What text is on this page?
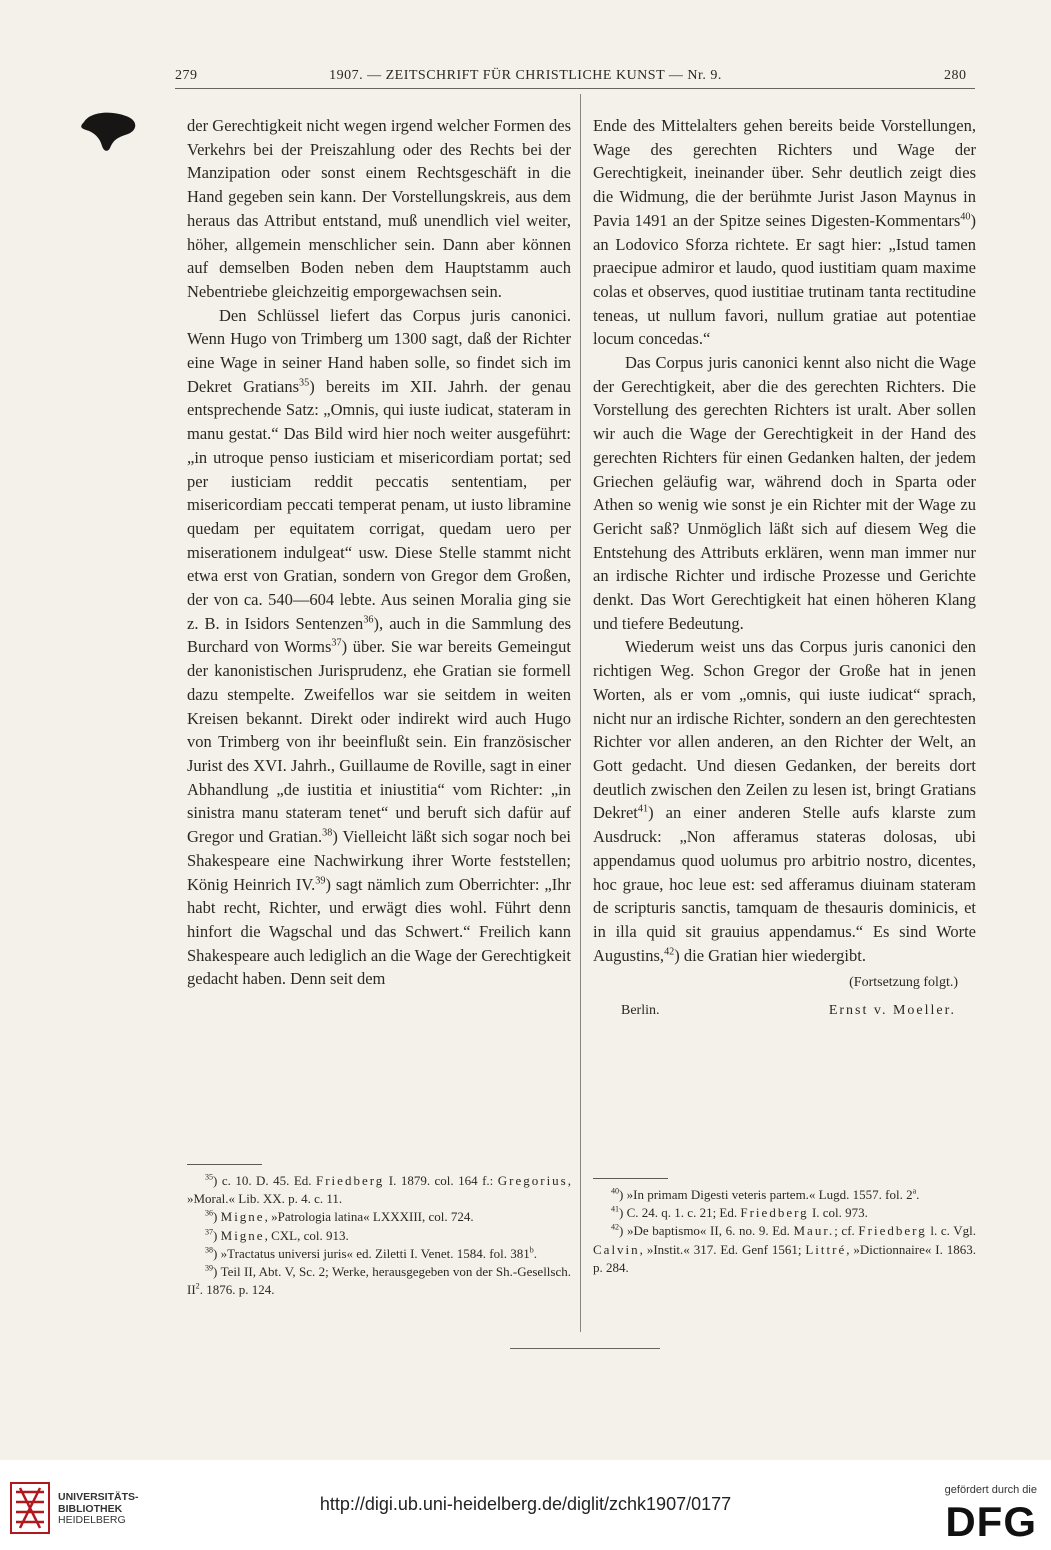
279	1907. — ZEITSCHRIFT FÜR CHRISTLICHE KUNST — Nr. 9.	280

der Gerechtigkeit nicht wegen irgend welcher Formen des Verkehrs bei der Preiszahlung oder des Rechts bei der Manzipation oder sonst einem Rechtsgeschäft in die Hand gegeben sein kann. Der Vorstellungskreis, aus dem heraus das Attribut entstand, muß unendlich viel weiter, höher, allgemein menschlicher sein. Dann aber können auf demselben Boden neben dem Hauptstamm auch Nebentriebe gleichzeitig emporgewachsen sein.

Den Schlüssel liefert das Corpus juris canonici. Wenn Hugo von Trimberg um 1300 sagt, daß der Richter eine Wage in seiner Hand haben solle, so findet sich im Dekret Gratians$^{35}$) bereits im XII. Jahrh. der genau entsprechende Satz: „Omnis, qui iuste iudicat, stateram in manu gestat.“ Das Bild wird hier noch weiter ausgeführt: „in utroque penso iusticiam et misericordiam portat; sed per iusticiam reddit peccatis sententiam, per misericordiam peccati temperat penam, ut iusto libramine quedam per equitatem corrigat, quedam uero per miserationem indulgeat“ usw. Diese Stelle stammt nicht etwa erst von Gratian, sondern von Gregor dem Großen, der von ca. 540—604 lebte. Aus seinen Moralia ging sie z. B. in Isidors Sentenzen$^{36}$), auch in die Sammlung des Burchard von Worms$^{37}$) über. Sie war bereits Gemeingut der kanonistischen Jurisprudenz, ehe Gratian sie formell dazu stempelte. Zweifellos war sie seitdem in weiten Kreisen bekannt. Direkt oder indirekt wird auch Hugo von Trimberg von ihr beeinflußt sein. Ein französischer Jurist des XVI. Jahrh., Guillaume de Roville, sagt in einer Abhandlung „de iustitia et iniustitia“ vom Richter: „in sinistra manu stateram tenet“ und beruft sich dafür auf Gregor und Gratian.$^{38}$) Vielleicht läßt sich sogar noch bei Shakespeare eine Nachwirkung ihrer Worte feststellen; König Heinrich IV.$^{39}$) sagt nämlich zum Oberrichter: „Ihr habt recht, Richter, und erwägt dies wohl. Führt denn hinfort die Wagschal und das Schwert.“ Freilich kann Shakespeare auch lediglich an die Wage der Gerechtigkeit gedacht haben. Denn seit dem

Ende des Mittelalters gehen bereits beide Vorstellungen, Wage des gerechten Richters und Wage der Gerechtigkeit, ineinander über. Sehr deutlich zeigt dies die Widmung, die der berühmte Jurist Jason Maynus in Pavia 1491 an der Spitze seines Digesten-Kommentars$^{40}$) an Lodovico Sforza richtete. Er sagt hier: „Istud tamen praecipue admiror et laudo, quod iustitiam quam maxime colas et observes, quod iustitiae trutinam tanta rectitudine teneas, ut nullum favori, nullum gratiae aut potentiae locum concedas.“

Das Corpus juris canonici kennt also nicht die Wage der Gerechtigkeit, aber die des gerechten Richters. Die Vorstellung des gerechten Richters ist uralt. Aber sollen wir auch die Wage der Gerechtigkeit in der Hand des gerechten Richters für einen Gedanken halten, der jedem Griechen geläufig war, während doch in Sparta oder Athen so wenig wie sonst je ein Richter mit der Wage zu Gericht saß? Unmöglich läßt sich auf diesem Weg die Entstehung des Attributs erklären, wenn man immer nur an irdische Richter und irdische Prozesse und Gerichte denkt. Das Wort Gerechtigkeit hat einen höheren Klang und tiefere Bedeutung.

Wiederum weist uns das Corpus juris canonici den richtigen Weg. Schon Gregor der Große hat in jenen Worten, als er vom „omnis, qui iuste iudicat“ sprach, nicht nur an irdische Richter, sondern an den gerechtesten Richter vor allen anderen, an den Richter der Welt, an Gott gedacht. Und diesen Gedanken, der bereits dort deutlich zwischen den Zeilen zu lesen ist, bringt Gratians Dekret$^{41}$) an einer anderen Stelle aufs klarste zum Ausdruck: „Non afferamus stateras dolosas, ubi appendamus quod uolumus pro arbitrio nostro, dicentes, hoc graue, hoc leue est: sed afferamus diuinam stateram de scripturis sanctis, tamquam de thesauris dominicis, et in illa quid sit grauius appendamus.“ Es sind Worte Augustins,$^{42}$) die Gratian hier wiedergibt.

(Fortsetzung folgt.)
Berlin.	Ernst v. Moeller.

$^{35}$) c. 10. D. 45. Ed. Friedberg I. 1879. col. 164 f.: Gregorius, »Moral.« Lib. XX. p. 4. c. 11.

$^{36}$) Migne, »Patrologia latina« LXXXIII, col. 724.

$^{37}$) Migne, CXL, col. 913.

$^{38}$) »Tractatus universi juris« ed. Ziletti I. Venet. 1584. fol. 381$^b$.

$^{39}$) Teil II, Abt. V, Sc. 2; Werke, herausgegeben von der Sh.-Gesellsch. $II^2$. 1876. p. 124.

$^{40}$) »In primam Digesti veteris partem.« Lugd. 1557. fol. 2$^a$.

$^{41}$) C. 24. q. 1. c. 21; Ed. Friedberg I. col. 973.

$^{42}$) »De baptismo« II, 6. no. 9. Ed. Maur.; cf. Friedberg l. c. Vgl. Calvin, »Instit.« 317. Ed. Genf 1561; Littré, »Dictionnaire« I. 1863. p. 284.

UNIVERSITÄTS-
BIBLIOTHEK
HEIDELBERG
http://digi.ub.uni-heidelberg.de/diglit/zchk1907/0177
gefördert durch die
DFG
